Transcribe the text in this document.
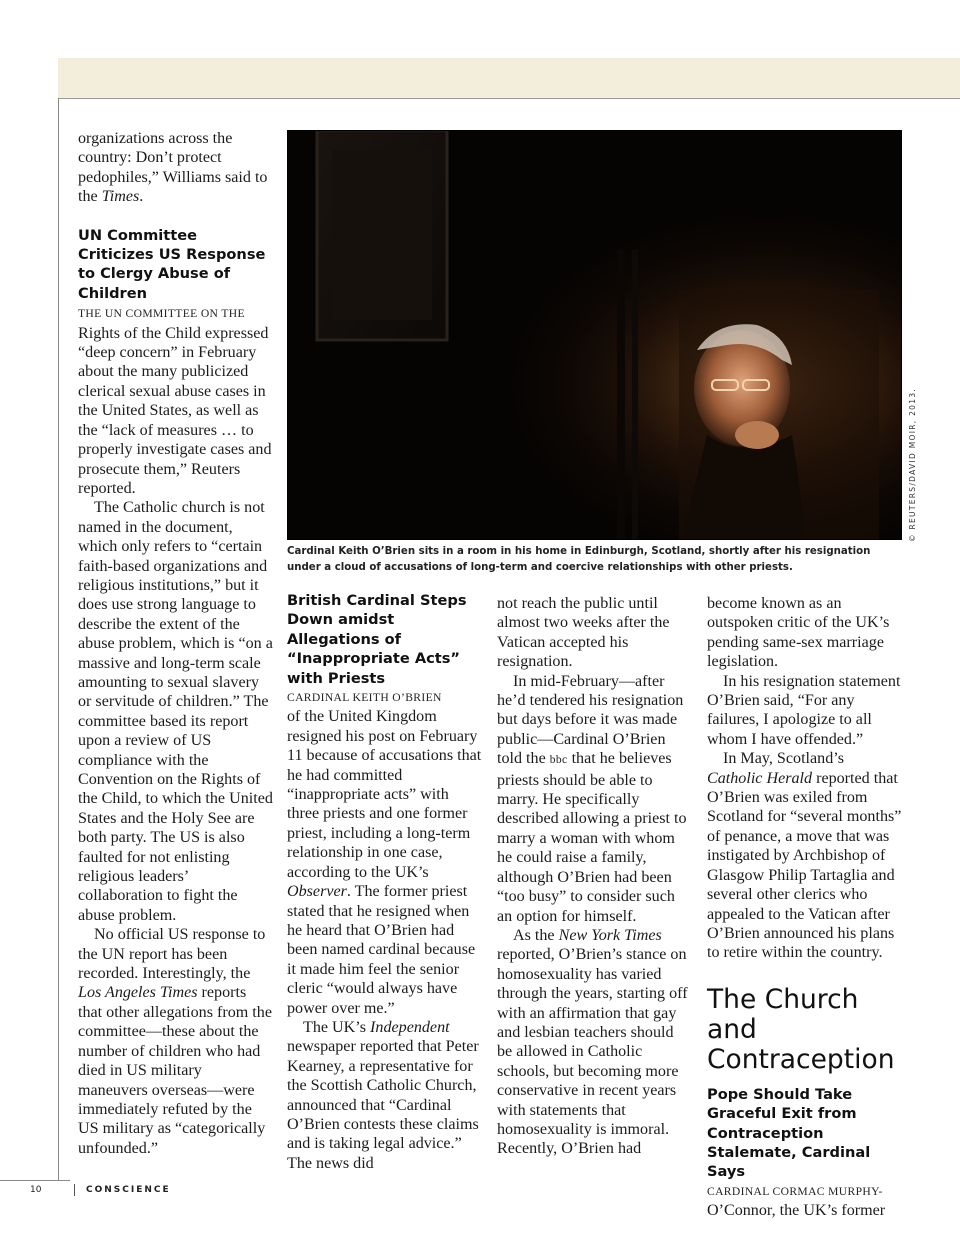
organizations across the country: Don’t protect pedophiles,” Williams said to the Times.

UN Committee Criticizes US Response to Clergy Abuse of Children

THE UN COMMITTEE ON THE Rights of the Child expressed “deep concern” in February about the many publicized clerical sexual abuse cases in the United States, as well as the “lack of measures … to properly investigate cases and prosecute them,” Reuters reported.

The Catholic church is not named in the document, which only refers to “certain faith-based organizations and religious institutions,” but it does use strong language to describe the extent of the abuse problem, which is “on a massive and long-term scale amounting to sexual slavery or servitude of children.” The committee based its report upon a review of US compliance with the Convention on the Rights of the Child, to which the United States and the Holy See are both party. The US is also faulted for not enlisting religious leaders’ collaboration to fight the abuse problem.

No official US response to the UN report has been recorded. Interestingly, the Los Angeles Times reports that other allegations from the committee—these about the number of children who had died in US military maneuvers overseas—were immediately refuted by the US military as “categorically unfounded.”

Cardinal Keith O’Brien sits in a room in his home in Edinburgh, Scotland, shortly after his resignation under a cloud of accusations of long-term and coercive relationships with other priests.
© REUTERS/DAVID MOIR, 2013.
British Cardinal Steps Down amidst Allegations of “Inappropriate Acts” with Priests
CARDINAL KEITH O’BRIEN

of the United Kingdom resigned his post on February 11 because of accusations that he had committed “inappropriate acts” with three priests and one former priest, including a long-term relationship in one case, according to the UK’s Observer. The former priest stated that he resigned when he heard that O’Brien had been named cardinal because it made him feel the senior cleric “would always have power over me.”

The UK’s Independent newspaper reported that Peter Kearney, a representative for the Scottish Catholic Church, announced that “Cardinal O’Brien contests these claims and is taking legal advice.” The news did

not reach the public until almost two weeks after the Vatican accepted his resignation.

In mid-February—after he’d tendered his resignation but days before it was made public—Cardinal O’Brien told the bbc that he believes priests should be able to marry. He specifically described allowing a priest to marry a woman with whom he could raise a family, although O’Brien had been “too busy” to consider such an option for himself.

As the New York Times reported, O’Brien’s stance on homosexuality has varied through the years, starting off with an affirmation that gay and lesbian teachers should be allowed in Catholic schools, but becoming more conservative in recent years with statements that homosexuality is immoral. Recently, O’Brien had

become known as an outspoken critic of the UK’s pending same-sex marriage legislation.

In his resignation statement O’Brien said, “For any failures, I apologize to all whom I have offended.”

In May, Scotland’s Catholic Herald reported that O’Brien was exiled from Scotland for “several months” of penance, a move that was instigated by Archbishop of Glasgow Philip Tartaglia and several other clerics who appealed to the Vatican after O’Brien announced his plans to retire within the country.

The Church and Contraception
Pope Should Take Graceful Exit from Contraception Stalemate, Cardinal Says
CARDINAL CORMAC MURPHY-

O’Connor, the UK’s former

10	CONSCIENCE
